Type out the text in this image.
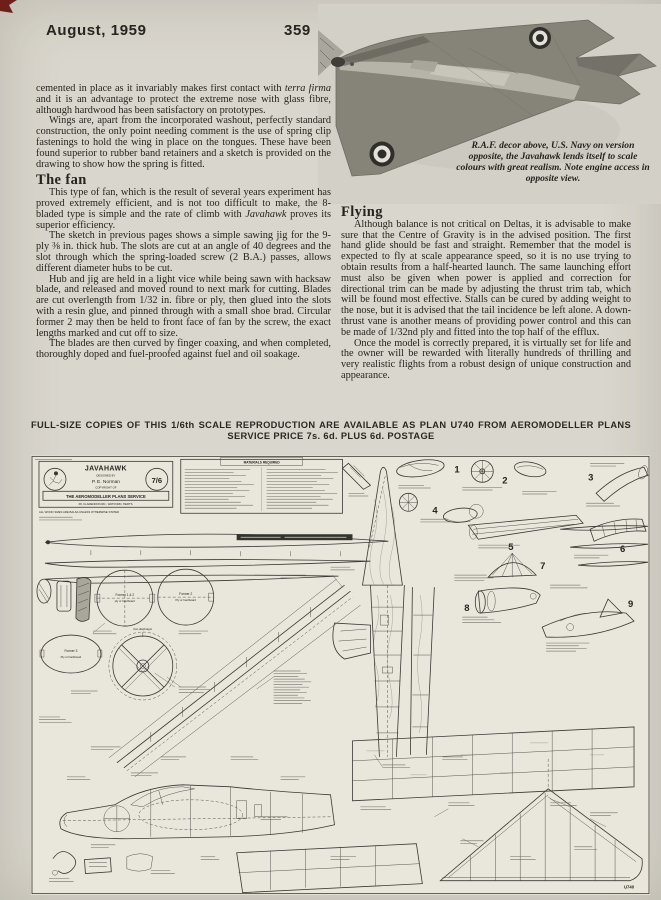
August, 1959	359
R.A.F. decor above, U.S. Navy on version opposite, the Javahawk lends itself to scale colours with great realism. Note engine access in opposite view.

cemented in place as it invariably makes first contact with terra firma and it is an advantage to protect the extreme nose with glass fibre, although hardwood has been satisfactory on prototypes.

Wings are, apart from the incorporated washout, perfectly standard construction, the only point needing comment is the use of spring clip fastenings to hold the wing in place on the tongues. These have been found superior to rubber band retainers and a sketch is provided on the drawing to show how the spring is fitted.

The fan

This type of fan, which is the result of several years experiment has proved extremely efficient, and is not too difficult to make, the 8-bladed type is simple and the rate of climb with Javahawk proves its superior efficiency.

The sketch in previous pages shows a simple sawing jig for the 9-ply ⅜ in. thick hub. The slots are cut at an angle of 40 degrees and the slot through which the spring-loaded screw (2 B.A.) passes, allows different diameter hubs to be cut.

Hub and jig are held in a light vice while being sawn with hacksaw blade, and released and moved round to next mark for cutting. Blades are cut overlength from 1/32 in. fibre or ply, then glued into the slots with a resin glue, and pinned through with a small shoe brad. Circular former 2 may then be held to front face of fan by the screw, the exact lengths marked and cut off to size.

The blades are then curved by finger coaxing, and when completed, thoroughly doped and fuel-proofed against fuel and oil soakage.

Flying

Although balance is not critical on Deltas, it is advisable to make sure that the Centre of Gravity is in the advised position. The first hand glide should be fast and straight. Remember that the model is expected to fly at scale appearance speed, so it is no use trying to obtain results from a half-hearted launch. The same launching effort must also be given when power is applied and correction for directional trim can be made by adjusting the thrust trim tab, which will be found most effective. Stalls can be cured by adding weight to the nose, but it is advised that the tail incidence be left alone. A down-thrust vane is another means of providing power control and this can be made of 1/32nd ply and fitted into the top half of the efflux.

Once the model is correctly prepared, it is virtually set for life and the owner will be rewarded with literally hundreds of thrilling and very realistic flights from a robust design of unique construction and appearance.

FULL-SIZE COPIES OF THIS 1/6th SCALE REPRODUCTION ARE AVAILABLE AS PLAN U740 FROM AEROMODELLER PLANS
SERVICE PRICE 7s. 6d. PLUS 6d. POSTAGE
JAVAHAWK
DESIGNED BY
P. E. Norman
COPYRIGHT OF
7/6
THE AEROMODELLER PLANS SERVICE
38, CLARENDON RD., WATFORD, HERTS.
ALL WOOD SIZES ARE BALSA UNLESS OTHERWISE STATED
MATERIALS REQUIRED
1
2	3
4
5	6
7
8	9
Former 1 & 2
ply or hardboard
Former 2
Ply or hardboard
Former 3
Ply or hardboard
Fan diaphragm
U740
